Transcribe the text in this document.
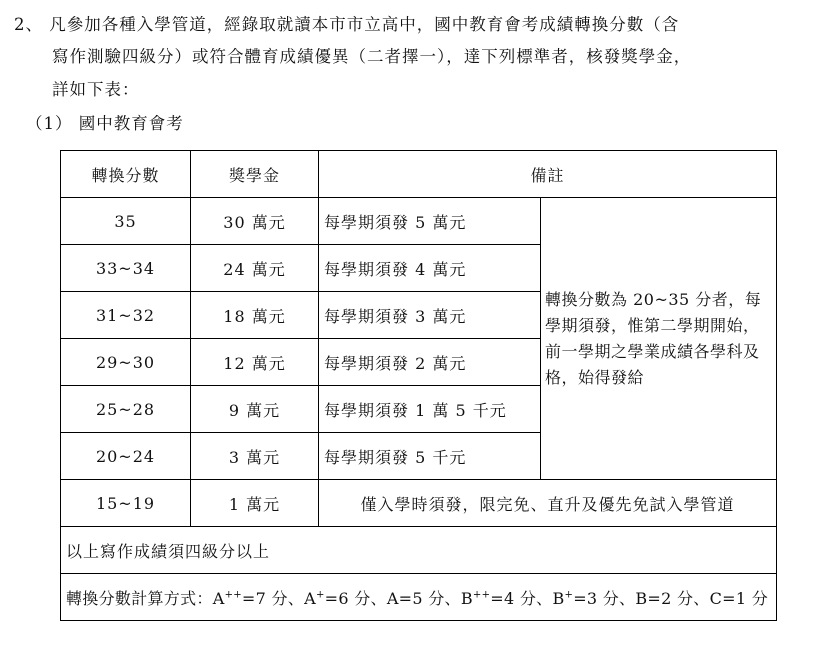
2、 凡參加各種入學管道，經錄取就讀本市市立高中，國中教育會考成績轉換分數（含
寫作測驗四級分）或符合體育成績優異（二者擇一），達下列標準者，核發獎學金，
詳如下表：
（1） 國中教育會考
轉換分數	獎學金	備註	
35	30 萬元	每學期須發 5 萬元	轉換分數為 20~35 分者，每學期須發，惟第二學期開始，前一學期之學業成績各學科及格，始得發給
33~34	24 萬元	每學期須發 4 萬元	
31~32	18 萬元	每學期須發 3 萬元	
29~30	12 萬元	每學期須發 2 萬元	
25~28	9 萬元	每學期須發 1 萬 5 千元	
20~24	3 萬元	每學期須發 5 千元	
15~19	1 萬元	僅入學時須發，限完免、直升及優先免試入學管道	
以上寫作成績須四級分以上			
轉換分數計算方式：A++=7 分、A+=6 分、A=5 分、B++=4 分、B+=3 分、B=2 分、C=1 分			
